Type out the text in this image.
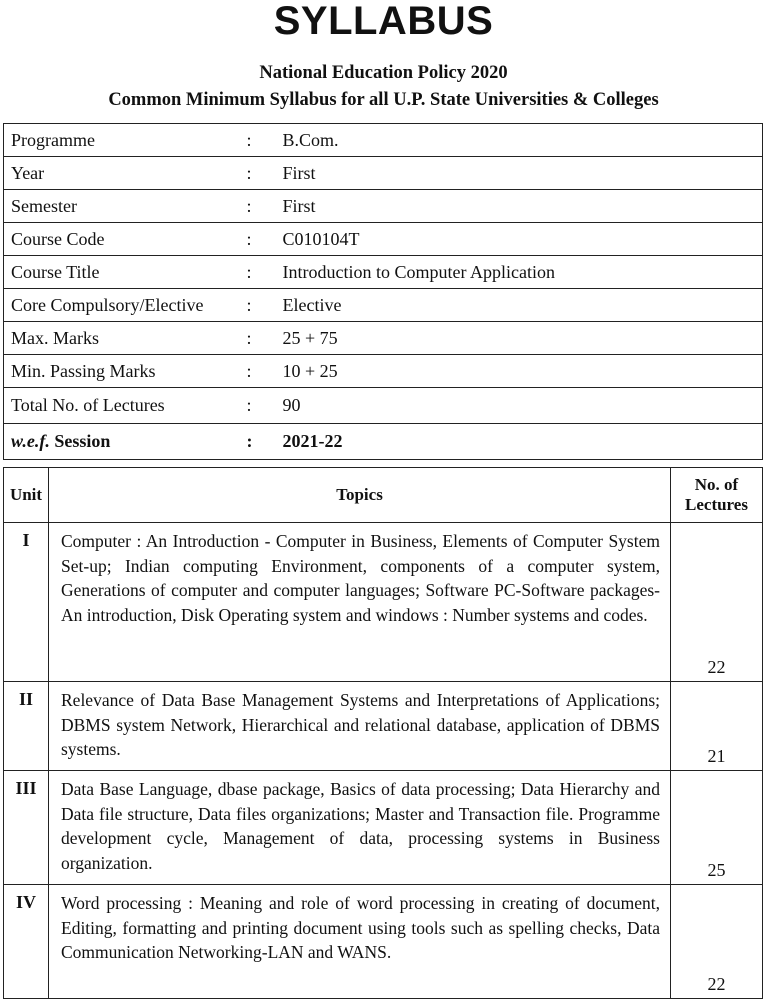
SYLLABUS
National Education Policy 2020
Common Minimum Syllabus for all U.P. State Universities & Colleges
Programme	:	B.Com.
Year	:	First
Semester	:	First
Course Code	:	C010104T
Course Title	:	Introduction to Computer Application
Core Compulsory/Elective	:	Elective
Max. Marks	:	25 + 75
Min. Passing Marks	:	10 + 25
Total No. of Lectures	:	90
w.e.f. Session	:	2021-22
Unit	Topics	No. of Lectures
I	Computer : An Introduction - Computer in Business, Elements of Computer System Set-up; Indian computing Environment, components of a computer system, Generations of computer and computer languages; Software PC-Software packages-An introduction, Disk Operating system and windows : Number systems and codes.	22
II	Relevance of Data Base Management Systems and Interpretations of Applications; DBMS system Network, Hierarchical and relational database, application of DBMS systems.	21
III	Data Base Language, dbase package, Basics of data processing; Data Hierarchy and Data file structure, Data files organizations; Master and Transaction file. Programme development cycle, Management of data, processing systems in Business organization.	25
IV	Word processing : Meaning and role of word processing in creating of document, Editing, formatting and printing document using tools such as spelling checks, Data Communication Networking-LAN and WANS.	22
